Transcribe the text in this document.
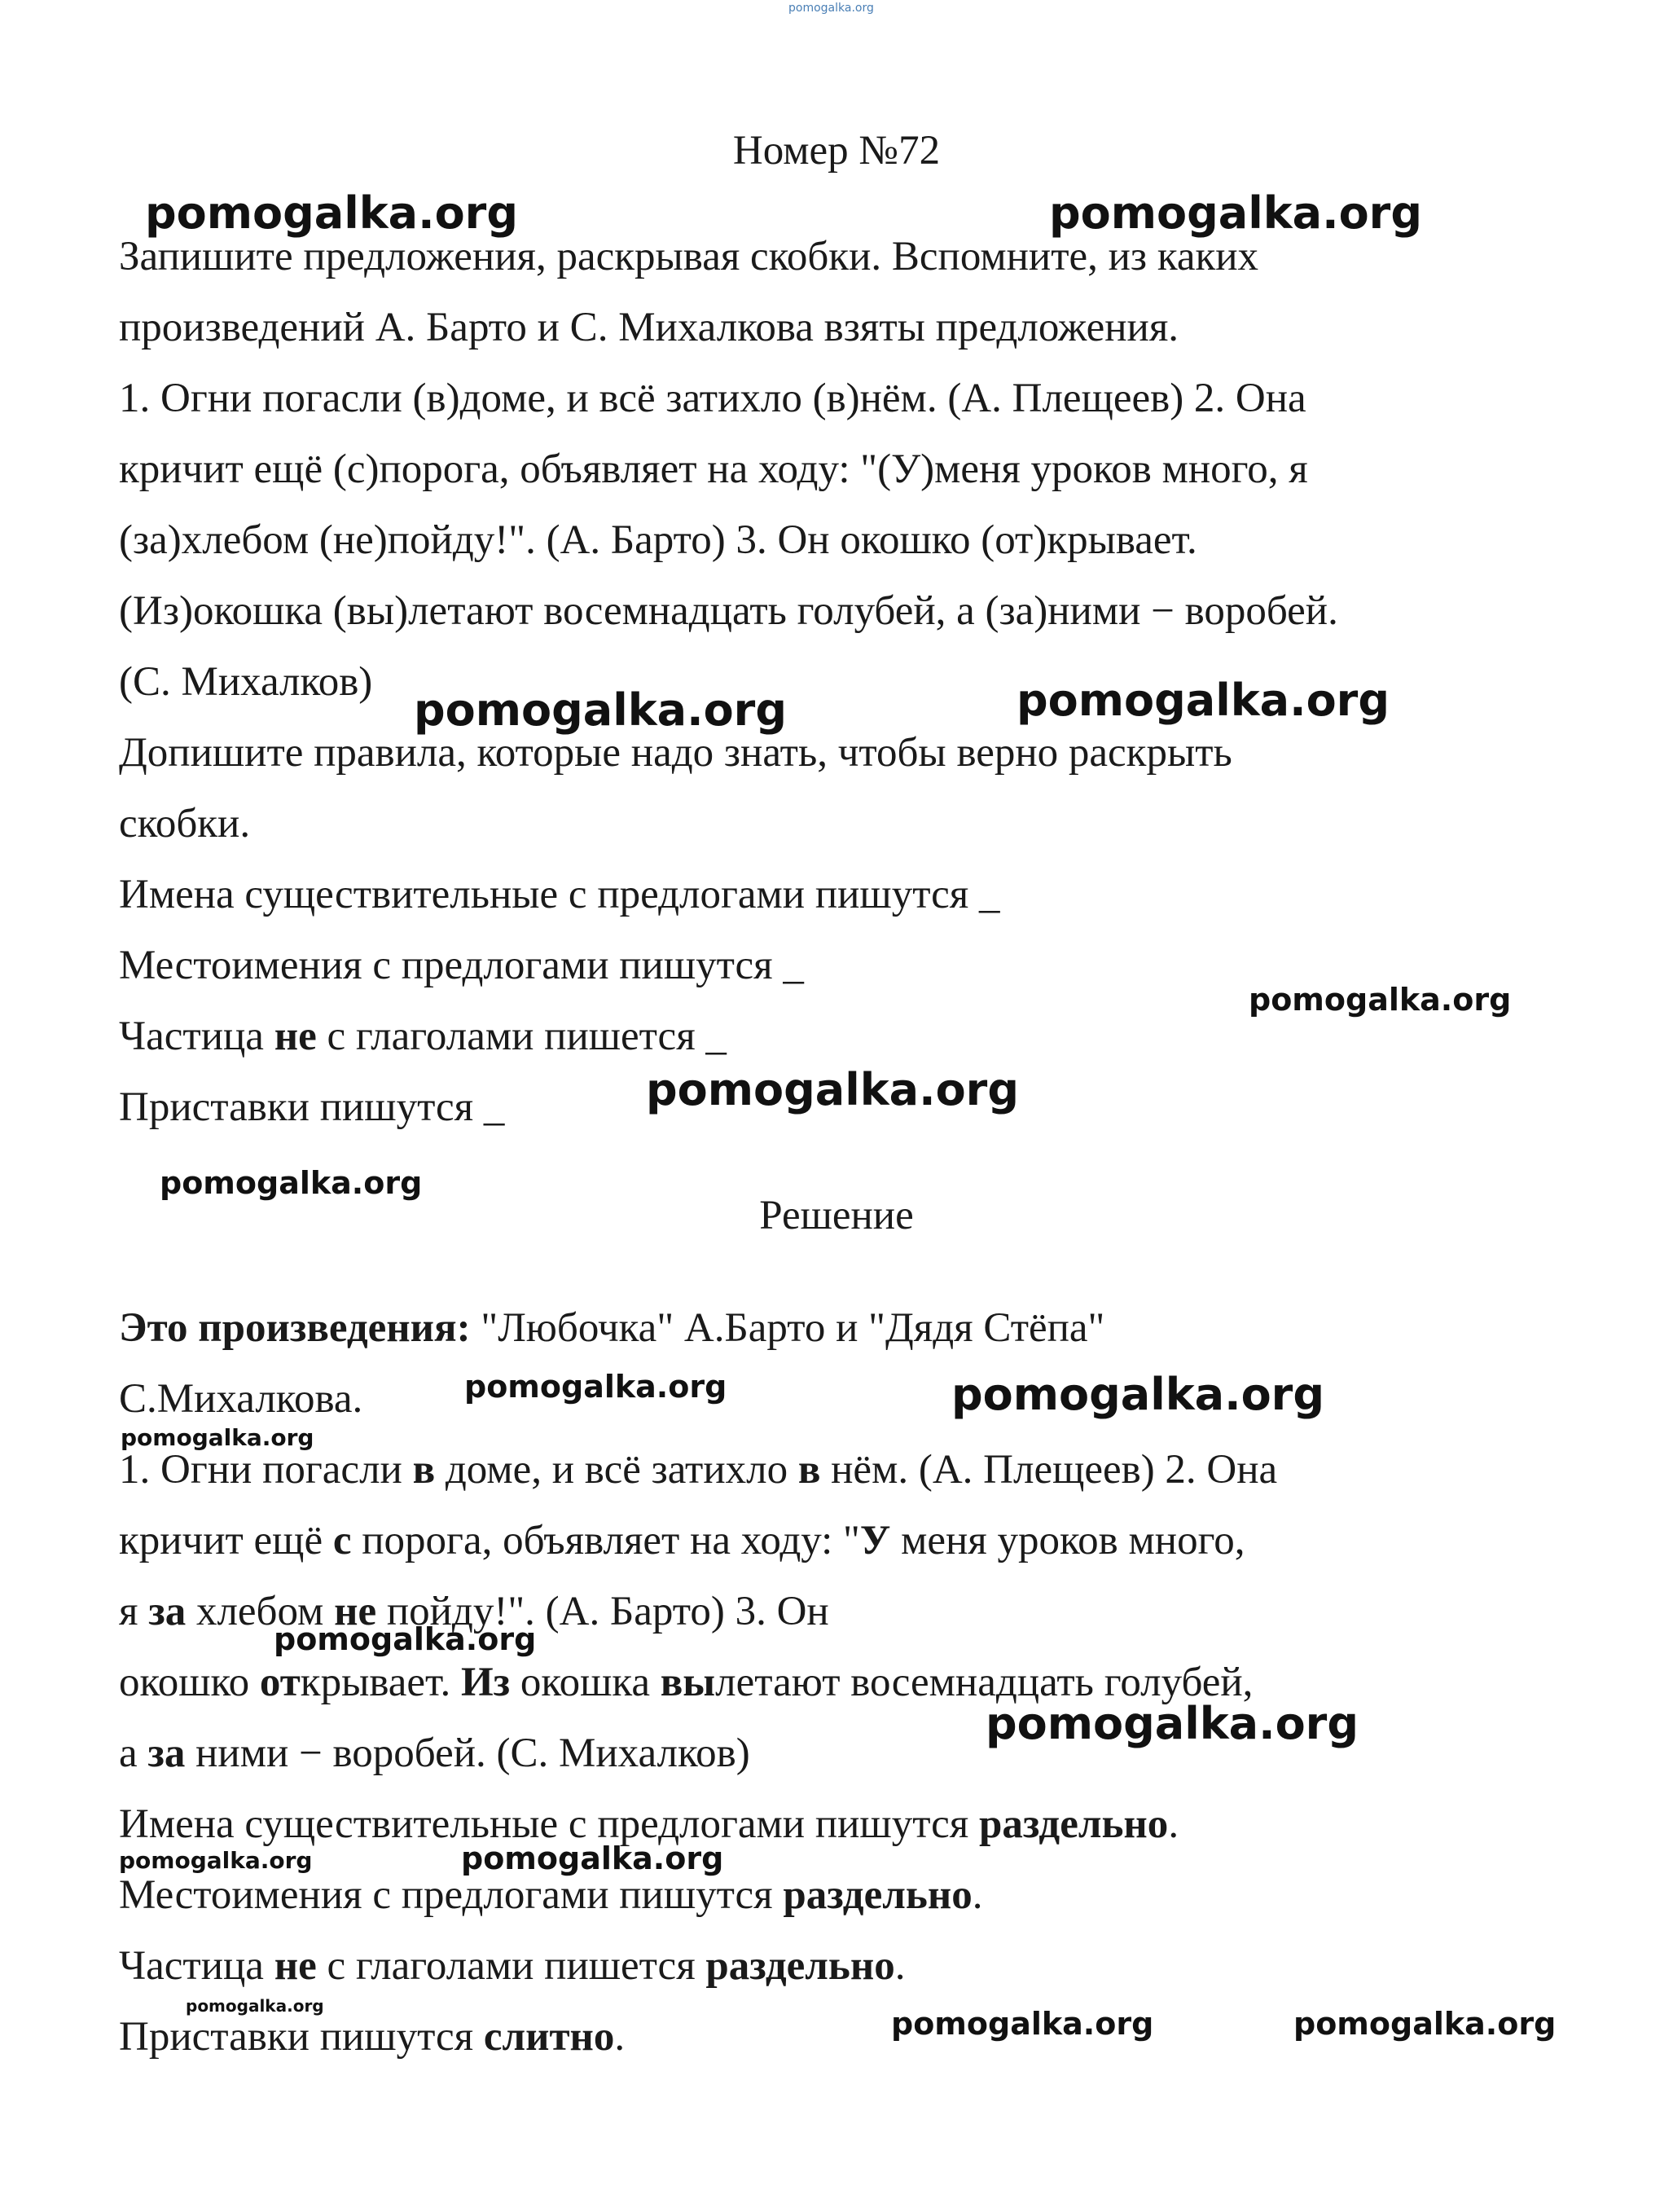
pomogalka.org
Номер №72
Запишите предложения, раскрывая скобки. Вспомните, из каких
произведений А. Барто и С. Михалкова взяты предложения.
1. Огни погасли (в)доме, и всё затихло (в)нём. (А. Плещеев) 2. Она
кричит ещё (с)порога, объявляет на ходу: "(У)меня уроков много, я
(за)хлебом (не)пойду!". (А. Барто) 3. Он окошко (от)крывает.
(Из)окошка (вы)летают восемнадцать голубей, а (за)ними − воробей.
(С. Михалков)
Допишите правила, которые надо знать, чтобы верно раскрыть
скобки.
Имена существительные с предлогами пишутся _
Местоимения с предлогами пишутся _
Частица не с глаголами пишется _
Приставки пишутся _
Решение
Это произведения: "Любочка" А.Барто и "Дядя Стёпа"
С.Михалкова.
1. Огни погасли в доме, и всё затихло в нём. (А. Плещеев) 2. Она
кричит ещё с порога, объявляет на ходу: "У меня уроков много,
я за хлебом не пойду!". (А. Барто) 3. Он
окошко открывает. Из окошка вылетают восемнадцать голубей,
а за ними − воробей. (С. Михалков)
Имена существительные с предлогами пишутся раздельно.
Местоимения с предлогами пишутся раздельно.
Частица не с глаголами пишется раздельно.
Приставки пишутся слитно.
pomogalka.org	pomogalka.org
pomogalka.org	pomogalka.org
pomogalka.org
pomogalka.org
pomogalka.org
pomogalka.org	pomogalka.org
pomogalka.org
pomogalka.org
pomogalka.org
pomogalka.org	pomogalka.org
pomogalka.org	pomogalka.org	pomogalka.org
